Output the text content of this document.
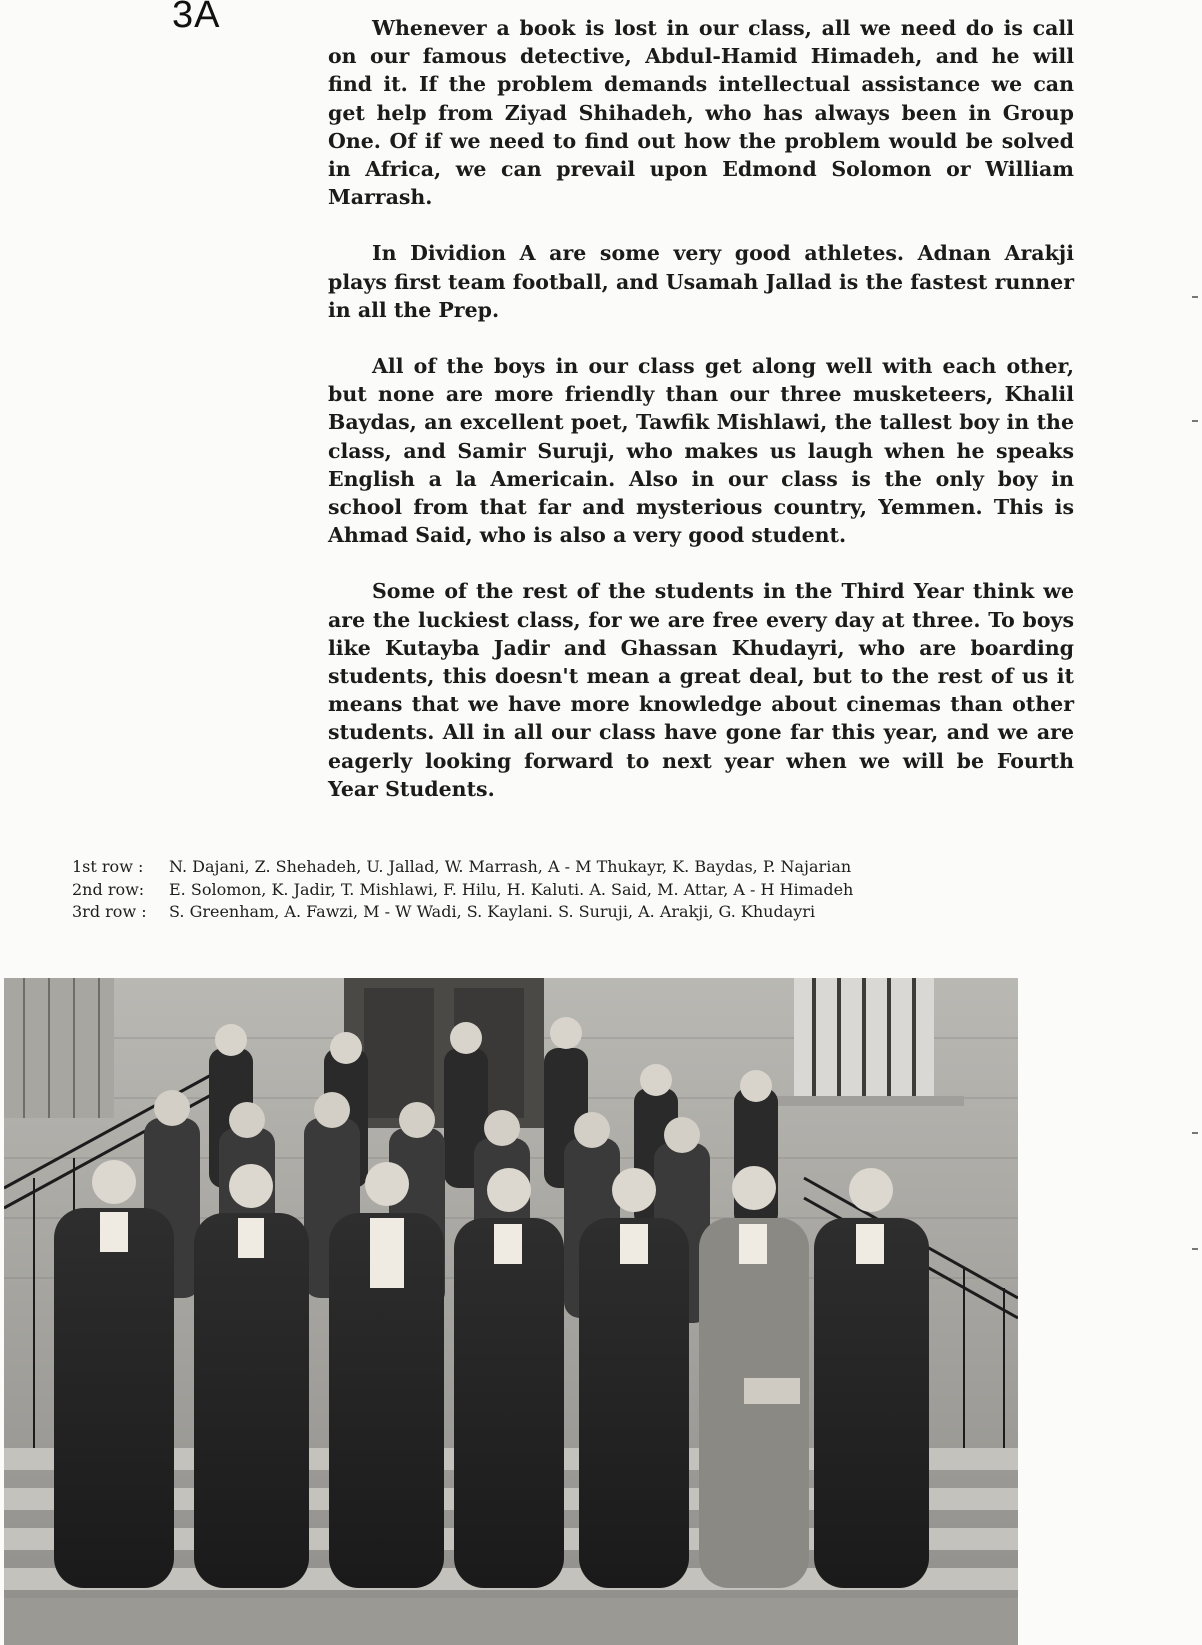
3A	Whenever a book is lost in our class, all we need do is call on our famous detective, Abdul-Hamid Himadeh, and he will find it. If the problem demands intellectual assistance we can get help from Ziyad Shihadeh, who has always been in Group One. Of if we need to find out how the problem would be solved in Africa, we can prevail upon Edmond Solomon or William Marrash.

In Dividion A are some very good athletes. Adnan Arakji plays first team football, and Usamah Jallad is the fastest runner in all the Prep.

All of the boys in our class get along well with each other, but none are more friendly than our three musketeers, Khalil Baydas, an excellent poet, Tawfik Mishlawi, the tallest boy in the class, and Samir Suruji, who makes us laugh when he speaks English a la Americain. Also in our class is the only boy in school from that far and mysterious country, Yemmen. This is Ahmad Said, who is also a very good student.

Some of the rest of the students in the Third Year think we are the luckiest class, for we are free every day at three. To boys like Kutayba Jadir and Ghassan Khudayri, who are boarding students, this doesn't mean a great deal, but to the rest of us it means that we have more knowledge about cinemas than other students. All in all our class have gone far this year, and we are eagerly looking forward to next year when we will be Fourth Year Students.

1st row :	N. Dajani, Z. Shehadeh, U. Jallad, W. Marrash, A - M Thukayr, K. Baydas, P. Najarian
2nd row:	E. Solomon, K. Jadir, T. Mishlawi, F. Hilu, H. Kaluti. A. Said, M. Attar, A - H Himadeh
3rd row :	S. Greenham, A. Fawzi, M - W Wadi, S. Kaylani. S. Suruji, A. Arakji, G. Khudayri
